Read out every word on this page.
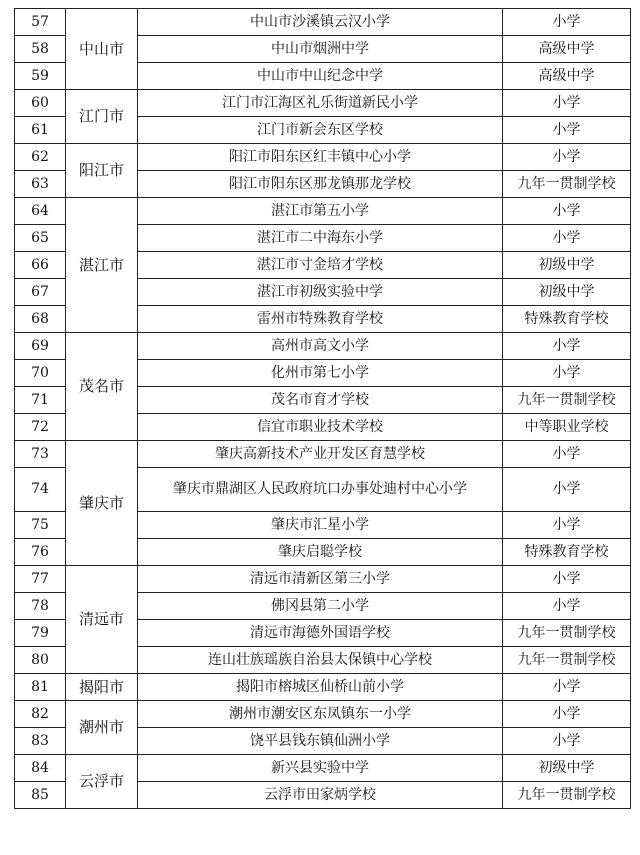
57	中山市	中山市沙溪镇云汉小学	小学
58		中山市烟洲中学	高级中学
59		中山市中山纪念中学	高级中学
60	江门市	江门市江海区礼乐街道新民小学	小学
61		江门市新会东区学校	小学
62	阳江市	阳江市阳东区红丰镇中心小学	小学
63		阳江市阳东区那龙镇那龙学校	九年一贯制学校
64	湛江市	湛江市第五小学	小学
65		湛江市二中海东小学	小学
66		湛江市寸金培才学校	初级中学
67		湛江市初级实验中学	初级中学
68		雷州市特殊教育学校	特殊教育学校
69	茂名市	高州市高文小学	小学
70		化州市第七小学	小学
71		茂名市育才学校	九年一贯制学校
72		信宜市职业技术学校	中等职业学校
73	肇庆市	肇庆高新技术产业开发区育慧学校	小学
74		肇庆市鼎湖区人民政府坑口办事处迪村中心小学	小学
75		肇庆市汇星小学	小学
76		肇庆启聪学校	特殊教育学校
77	清远市	清远市清新区第三小学	小学
78		佛冈县第二小学	小学
79		清远市海德外国语学校	九年一贯制学校
80		连山壮族瑶族自治县太保镇中心学校	九年一贯制学校
81	揭阳市	揭阳市榕城区仙桥山前小学	小学
82	潮州市	潮州市潮安区东凤镇东一小学	小学
83		饶平县钱东镇仙洲小学	小学
84	云浮市	新兴县实验中学	初级中学
85		云浮市田家炳学校	九年一贯制学校
